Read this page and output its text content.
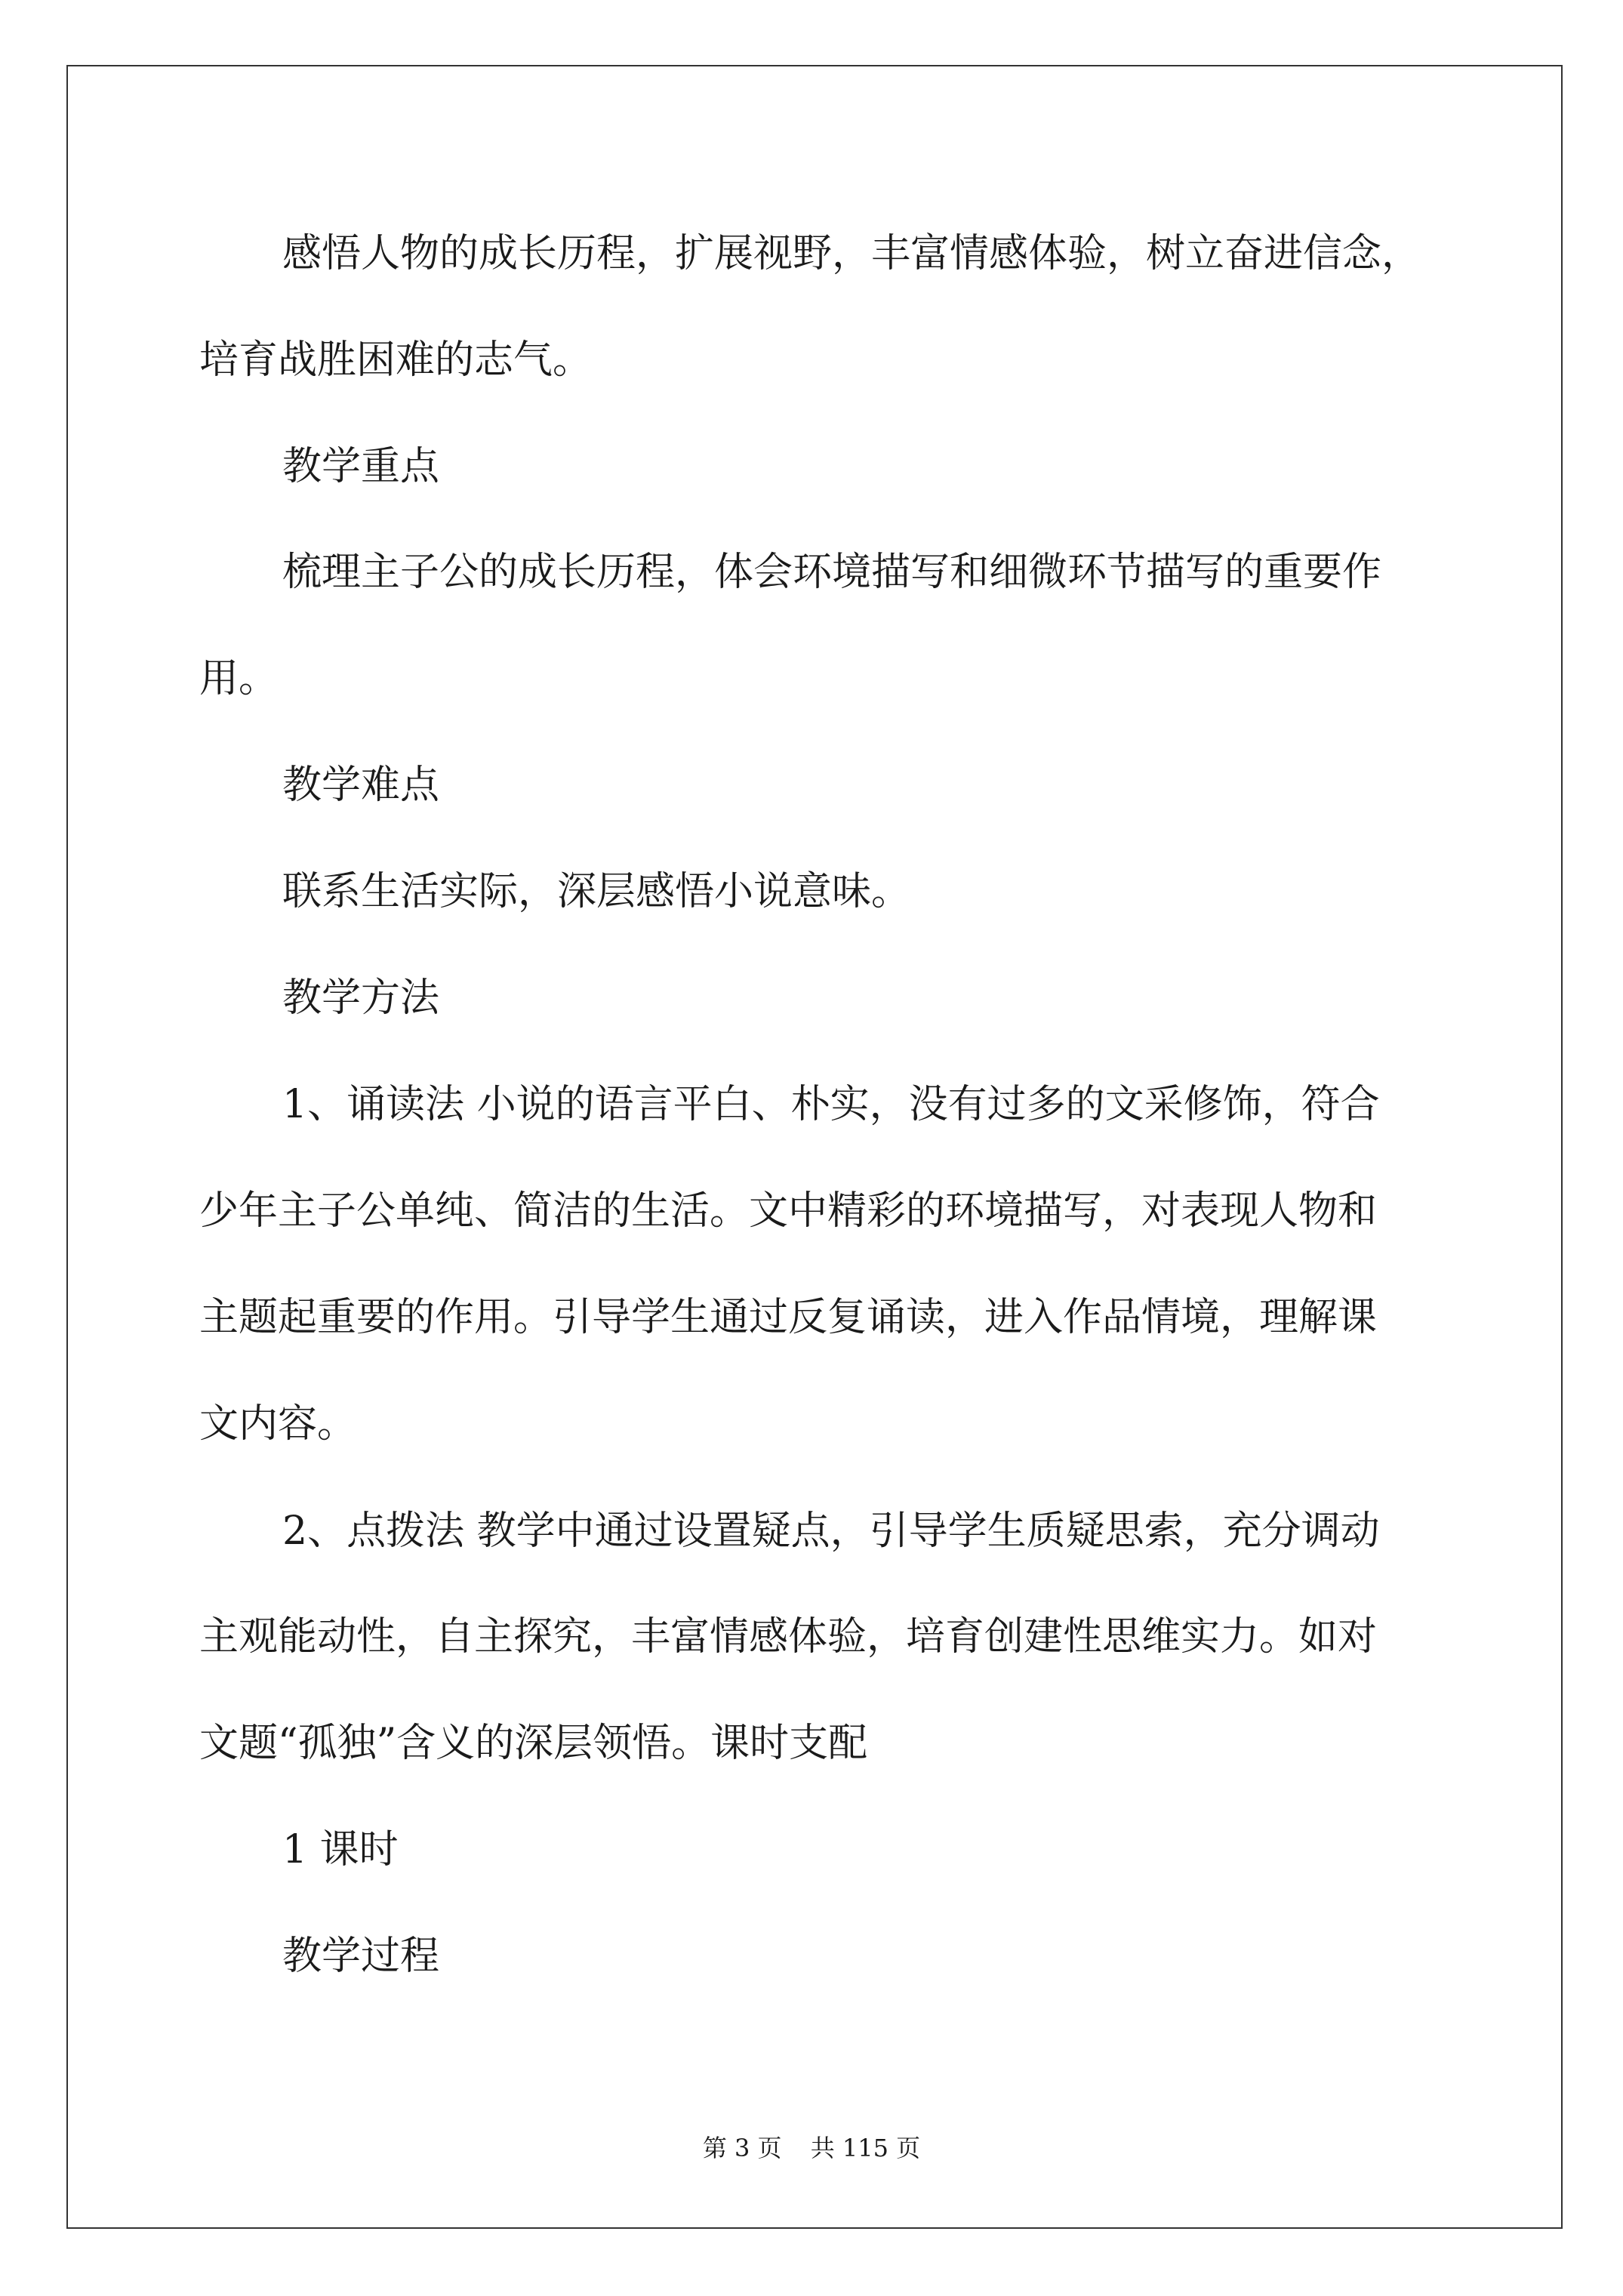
感悟人物的成长历程，扩展视野，丰富情感体验，树立奋进信念，
培育战胜困难的志气。
教学重点
梳理主子公的成长历程，体会环境描写和细微环节描写的重要作
用。
教学难点
联系生活实际，深层感悟小说意味。
教学方法
1、诵读法 小说的语言平白、朴实，没有过多的文采修饰，符合
少年主子公单纯、简洁的生活。文中精彩的环境描写，对表现人物和
主题起重要的作用。引导学生通过反复诵读，进入作品情境，理解课
文内容。
2、点拨法 教学中通过设置疑点，引导学生质疑思索，充分调动
主观能动性，自主探究，丰富情感体验，培育创建性思维实力。如对
文题“孤独”含义的深层领悟。课时支配
1 课时
教学过程
第 3 页 共 115 页
